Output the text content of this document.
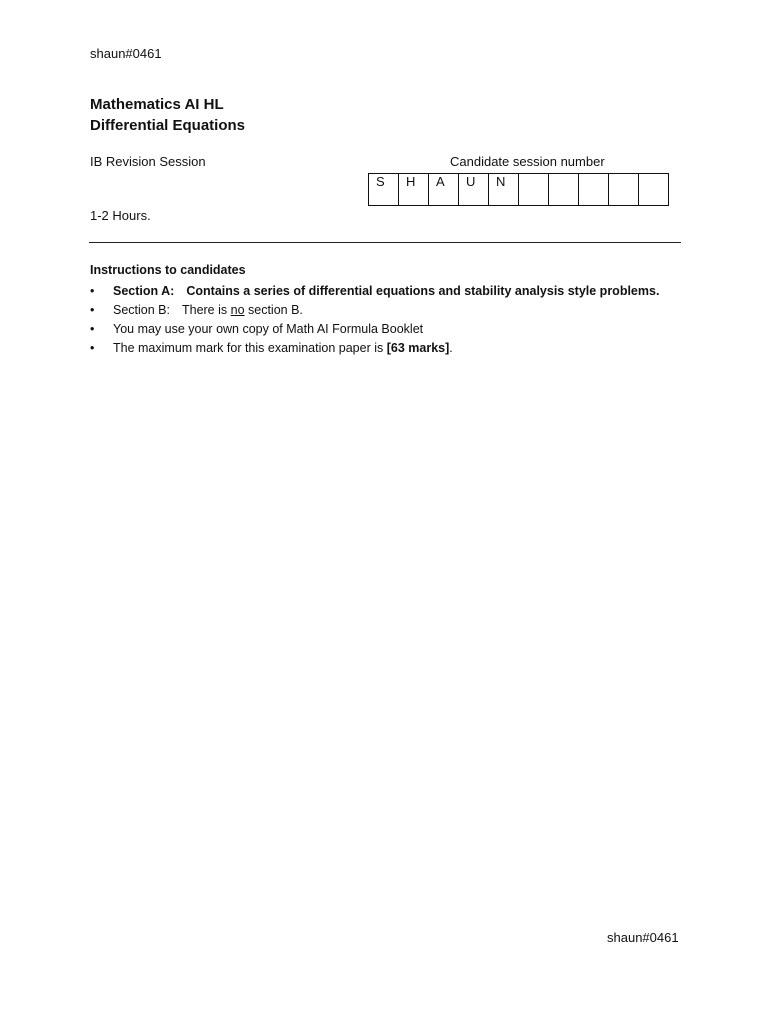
shaun#0461
Mathematics AI HL
Differential Equations
IB Revision Session	Candidate session number
S	H	A	U	N					
1-2 Hours.
Instructions to candidates
• Section A: Contains a series of differential equations and stability analysis style problems.
• Section B: There is no section B.
• You may use your own copy of Math AI Formula Booklet
• The maximum mark for this examination paper is [63 marks].
shaun#0461
